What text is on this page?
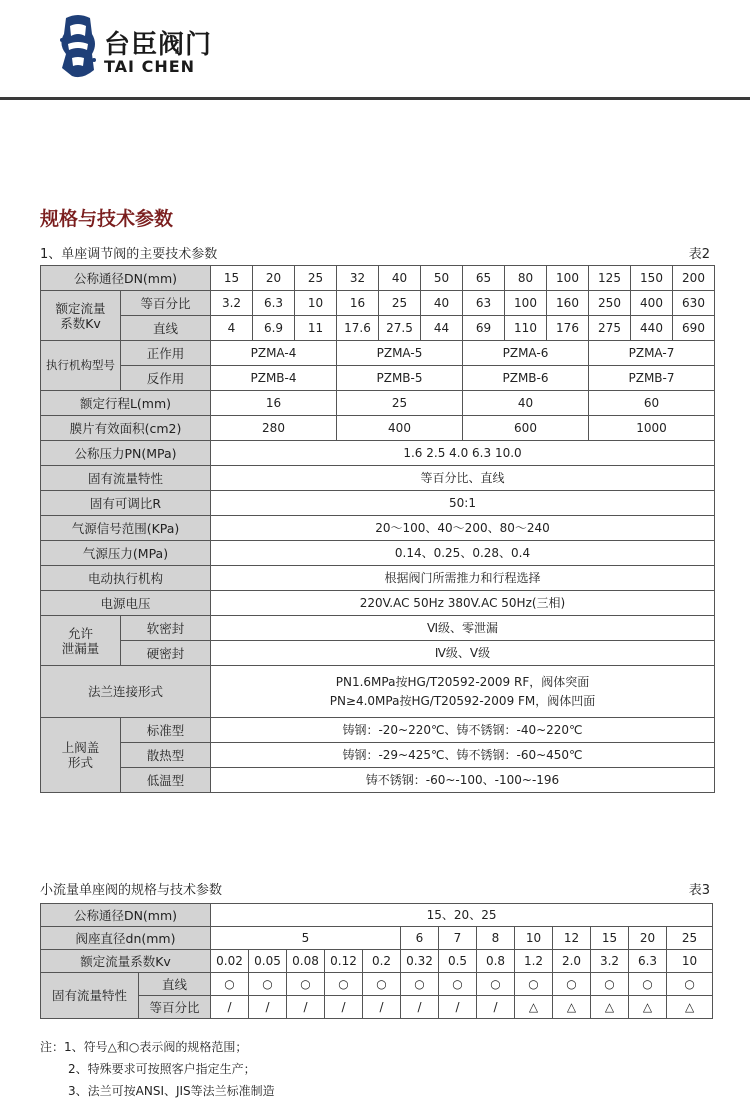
台臣阀门
TAI CHEN
规格与技术参数
1、单座调节阀的主要技术参数	表2
公称通径DN(mm)		15	20	25	32	40	50	65	80	100	125	150	200
额定流量
系数Kv	等百分比	3.2	6.3	10	16	25	40	63	100	160	250	400	630
	直线	4	6.9	11	17.6	27.5	44	69	110	176	275	440	690
执行机构型号	正作用	PZMA-4			PZMA-5			PZMA-6			PZMA-7		
	反作用	PZMB-4			PZMB-5			PZMB-6			PZMB-7		
额定行程L(mm)		16			25			40			60		
膜片有效面积(cm2)		280			400			600			1000		
公称压力PN(MPa)		1.6 2.5 4.0 6.3 10.0											
固有流量特性		等百分比、直线											
固有可调比R		50:1											
气源信号范围(KPa)		20～100、40～200、80～240											
气源压力(MPa)		0.14、0.25、0.28、0.4											
电动执行机构		根据阀门所需推力和行程选择											
电源电压		220V.AC 50Hz 380V.AC 50Hz(三相)											
允许
泄漏量	软密封	Ⅵ级、零泄漏											
	硬密封	Ⅳ级、Ⅴ级											
法兰连接形式		PN1.6MPa按HG/T20592-2009 RF，阀体突面
PN≥4.0MPa按HG/T20592-2009 FM，阀体凹面											
上阀盖
形式	标准型	铸钢：-20~220℃、铸不锈钢：-40~220℃											
	散热型	铸钢：-29~425℃、铸不锈钢：-60~450℃											
	低温型	铸不锈钢：-60~-100、-100~-196											
小流量单座阀的规格与技术参数	表3
公称通径DN(mm)		15、20、25												
阀座直径dn(mm)		5					6	7	8	10	12	15	20	25
额定流量系数Kv		0.02	0.05	0.08	0.12	0.2	0.32	0.5	0.8	1.2	2.0	3.2	6.3	10
固有流量特性	直线	○	○	○	○	○	○	○	○	○	○	○	○	○
	等百分比	/	/	/	/	/	/	/	/	△	△	△	△	△
注：1、符号△和○表示阀的规格范围；
2、特殊要求可按照客户指定生产；
3、法兰可按ANSI、JIS等法兰标准制造
